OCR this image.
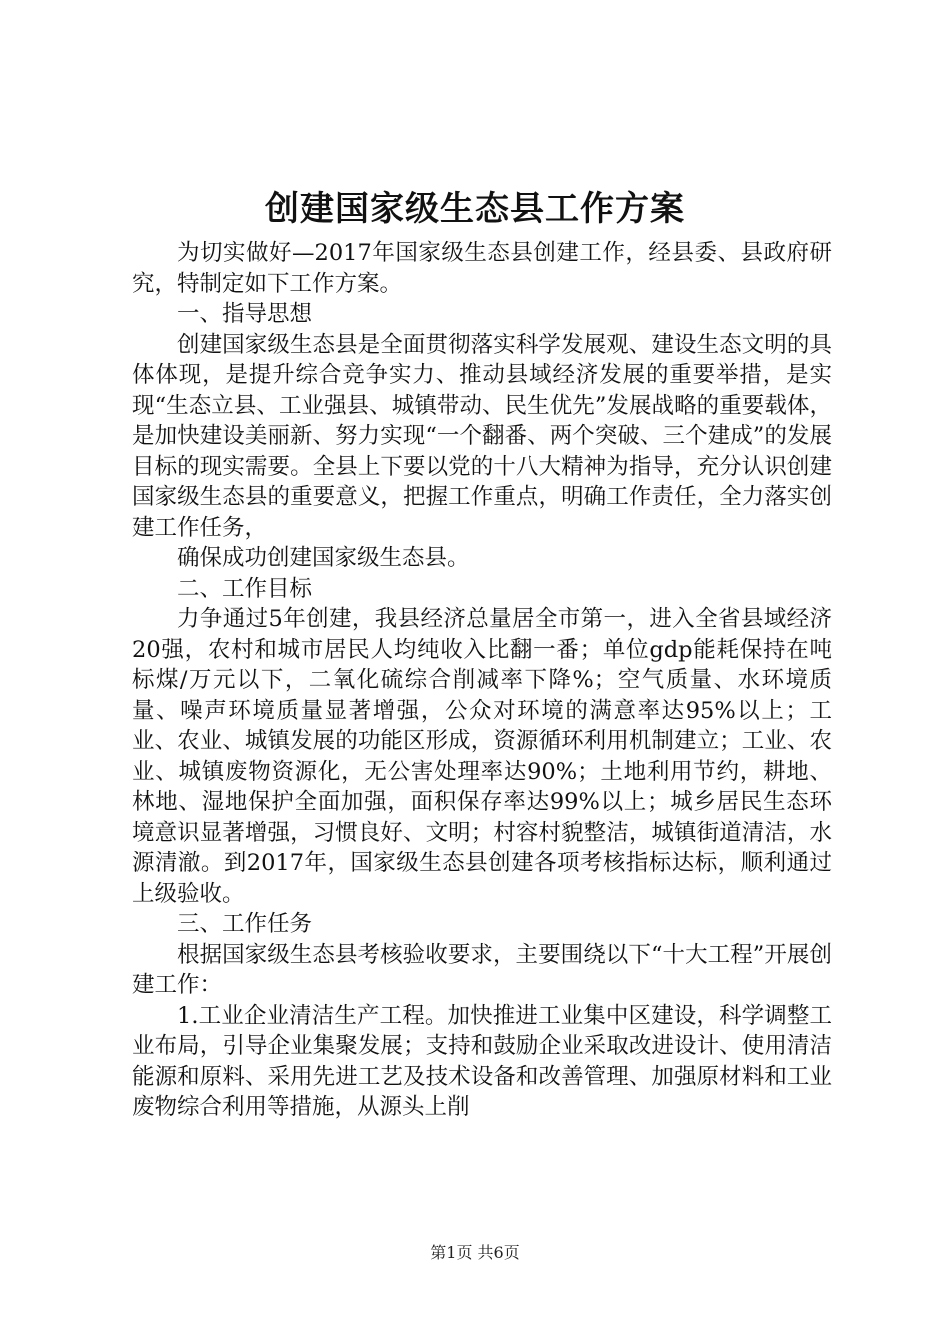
创建国家级生态县工作方案

为切实做好—2017年国家级生态县创建工作，经县委、县政府研究，特制定如下工作方案。

一、指导思想

创建国家级生态县是全面贯彻落实科学发展观、建设生态文明的具体体现，是提升综合竞争实力、推动县域经济发展的重要举措，是实现“生态立县、工业强县、城镇带动、民生优先”发展战略的重要载体，是加快建设美丽新、努力实现“一个翻番、两个突破、三个建成”的发展目标的现实需要。全县上下要以党的十八大精神为指导，充分认识创建国家级生态县的重要意义，把握工作重点，明确工作责任，全力落实创建工作任务，

确保成功创建国家级生态县。

二、工作目标

力争通过5年创建，我县经济总量居全市第一，进入全省县域经济20强，农村和城市居民人均纯收入比翻一番；单位gdp能耗保持在吨标煤/万元以下，二氧化硫综合削减率下降%；空气质量、水环境质量、噪声环境质量显著增强，公众对环境的满意率达95%以上；工业、农业、城镇发展的功能区形成，资源循环利用机制建立；工业、农业、城镇废物资源化，无公害处理率达90%；土地利用节约，耕地、林地、湿地保护全面加强，面积保存率达99%以上；城乡居民生态环境意识显著增强，习惯良好、文明；村容村貌整洁，城镇街道清洁，水源清澈。到2017年，国家级生态县创建各项考核指标达标，顺利通过上级验收。

三、工作任务

根据国家级生态县考核验收要求，主要围绕以下“十大工程”开展创建工作：

1.工业企业清洁生产工程。加快推进工业集中区建设，科学调整工业布局，引导企业集聚发展；支持和鼓励企业采取改进设计、使用清洁能源和原料、采用先进工艺及技术设备和改善管理、加强原材料和工业废物综合利用等措施，从源头上削

第1页 共6页
